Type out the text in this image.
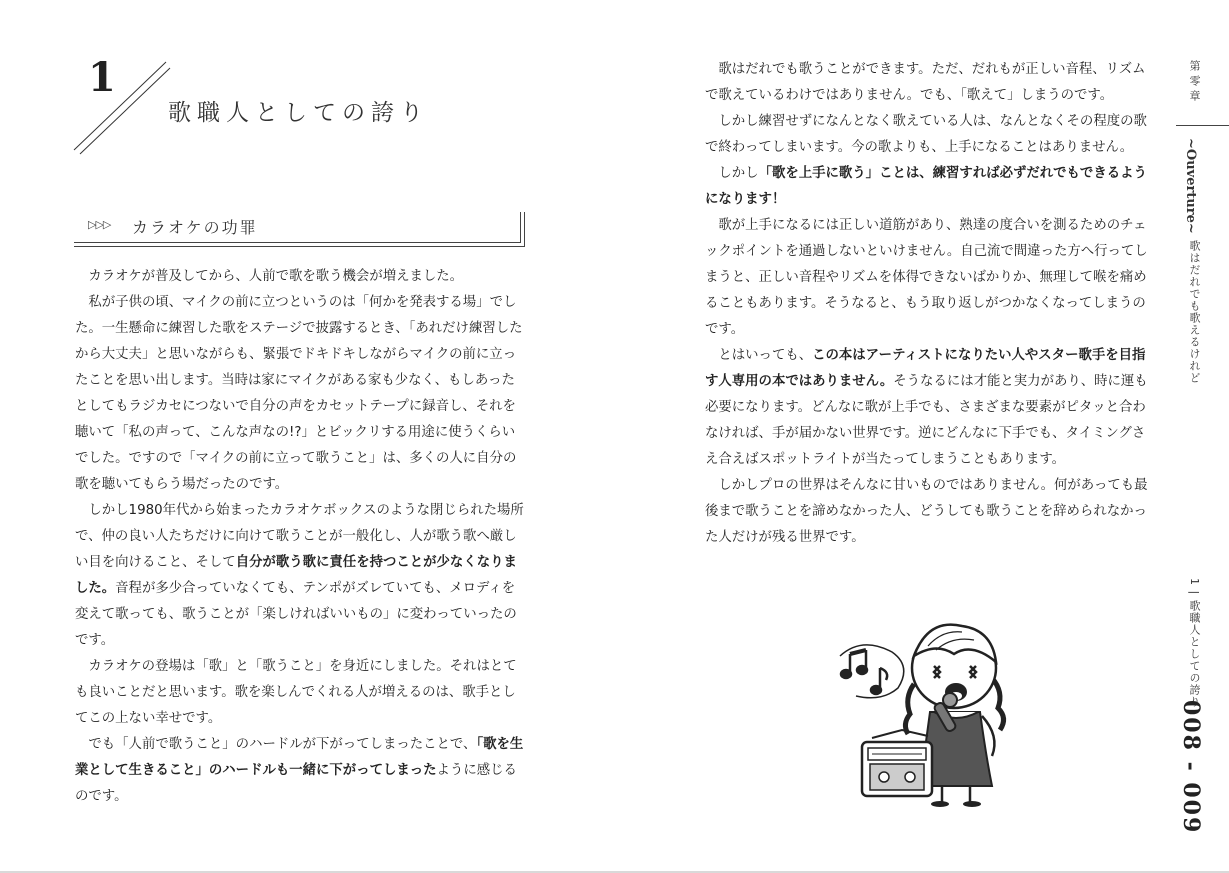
1
歌職人としての誇り
▷▷▷ カラオケの功罪

カラオケが普及してから、人前で歌を歌う機会が増えました。

私が子供の頃、マイクの前に立つというのは「何かを発表する場」でした。一生懸命に練習した歌をステージで披露するとき、「あれだけ練習したから大丈夫」と思いながらも、緊張でドキドキしながらマイクの前に立ったことを思い出します。当時は家にマイクがある家も少なく、もしあったとしてもラジカセにつないで自分の声をカセットテープに録音し、それを聴いて「私の声って、こんな声なの!?」とビックリする用途に使うくらいでした。ですので「マイクの前に立って歌うこと」は、多くの人に自分の歌を聴いてもらう場だったのです。

しかし1980年代から始まったカラオケボックスのような閉じられた場所で、仲の良い人たちだけに向けて歌うことが一般化し、人が歌う歌へ厳しい目を向けること、そして自分が歌う歌に責任を持つことが少なくなりました。音程が多少合っていなくても、テンポがズレていても、メロディを変えて歌っても、歌うことが「楽しければいいもの」に変わっていったのです。

カラオケの登場は「歌」と「歌うこと」を身近にしました。それはとても良いことだと思います。歌を楽しんでくれる人が増えるのは、歌手としてこの上ない幸せです。

でも「人前で歌うこと」のハードルが下がってしまったことで、「歌を生業として生きること」のハードルも一緒に下がってしまったように感じるのです。

歌はだれでも歌うことができます。ただ、だれもが正しい音程、リズムで歌えているわけではありません。でも、「歌えて」しまうのです。

しかし練習せずになんとなく歌えている人は、なんとなくその程度の歌で終わってしまいます。今の歌よりも、上手になることはありません。

しかし「歌を上手に歌う」ことは、練習すれば必ずだれでもできるようになります！

歌が上手になるには正しい道筋があり、熟達の度合いを測るためのチェックポイントを通過しないといけません。自己流で間違った方へ行ってしまうと、正しい音程やリズムを体得できないばかりか、無理して喉を痛めることもあります。そうなると、もう取り返しがつかなくなってしまうのです。

とはいっても、この本はアーティストになりたい人やスター歌手を目指す人専用の本ではありません。そうなるには才能と実力があり、時に運も必要になります。どんなに歌が上手でも、さまざまな要素がピタッと合わなければ、手が届かない世界です。逆にどんなに下手でも、タイミングさえ合えばスポットライトが当たってしまうこともあります。

しかしプロの世界はそんなに甘いものではありません。何があっても最後まで歌うことを諦めなかった人、どうしても歌うことを辞められなかった人だけが残る世界です。

第零章
~Ouverture~
歌はだれでも歌えるけれど
1 | 歌職人としての誇り
008 - 009
